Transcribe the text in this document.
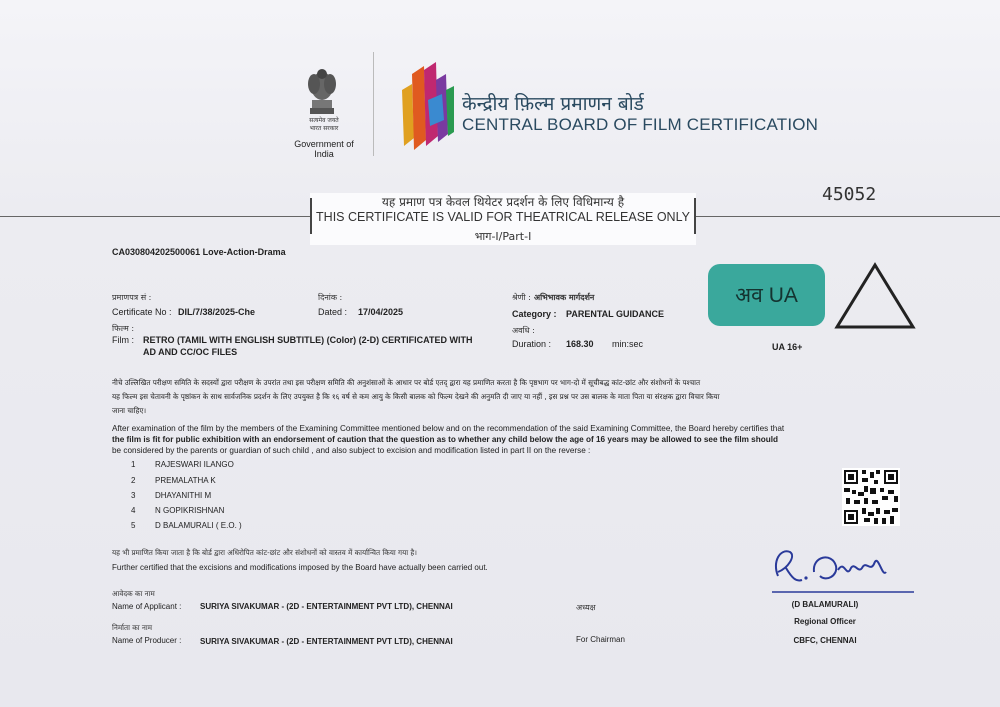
सत्यमेव जयते
भारत सरकार
Government of India
केन्द्रीय फ़िल्म प्रमाणन बोर्ड
CENTRAL BOARD OF FILM CERTIFICATION
यह प्रमाण पत्र केवल थियेटर प्रदर्शन के लिए विधिमान्य है
THIS CERTIFICATE IS VALID FOR THEATRICAL RELEASE ONLY
भाग-I/Part-I
45052
CA030804202500061 Love-Action-Drama
प्रमाणपत्र सं :
Certificate No : DIL/7/38/2025-Che
दिनांक :
Dated : 17/04/2025
श्रेणी : अभिभावक मार्गदर्शन
Category : PARENTAL GUIDANCE
फिल्म :
Film : RETRO (TAMIL WITH ENGLISH SUBTITLE) (Color) (2-D) CERTIFICATED WITH
AD AND CC/OC FILES
अवधि :
Duration : 168.30 min:sec
अव UA
UA 16+
नीचे उल्लिखित परीक्षण समिति के सदस्यों द्वारा परीक्षण के उपरांत तथा इस परीक्षण समिति की अनुशंसाओं के आधार पर बोर्ड एतद् द्वारा यह प्रमाणित करता है कि पृष्ठभाग पर भाग-दो में सूचीबद्ध कांट-छांट और संशोधनों के पश्चात
यह फिल्म इस चेतावनी के पृष्ठांकन के साथ सार्वजनिक प्रदर्शन के लिए उपयुक्त है कि १६ वर्ष से कम आयु के किसी बालक को फिल्म देखने की अनुमति दी जाए या नहीं , इस प्रश्न पर उस बालक के माता पिता या संरक्षक द्वारा विचार किया
जाना चाहिए।
After examination of the film by the members of the Examining Committee mentioned below and on the recommendation of the said Examining Committee, the Board hereby certifies that
the film is fit for public exhibition with an endorsement of caution that the question as to whether any child below the age of 16 years may be allowed to see the film should
be considered by the parents or guardian of such child , and also subject to excision and modification listed in part II on the reverse :
1 RAJESWARI ILANGO
2 PREMALATHA K
3 DHAYANITHI M
4 N GOPIKRISHNAN
5 D BALAMURALI ( E.O. )
यह भी प्रमाणित किया जाता है कि बोर्ड द्वारा अधिरोपित कांट-छांट और संशोधनों को वास्तव में कार्यान्वित किया गया है।
Further certified that the excisions and modifications imposed by the Board have actually been carried out.
आवेदक का नाम
Name of Applicant : SURIYA SIVAKUMAR - (2D - ENTERTAINMENT PVT LTD), CHENNAI
निर्माता का नाम
Name of Producer : SURIYA SIVAKUMAR - (2D - ENTERTAINMENT PVT LTD), CHENNAI
अध्यक्ष
For Chairman
(D BALAMURALI)
Regional Officer
CBFC, CHENNAI
